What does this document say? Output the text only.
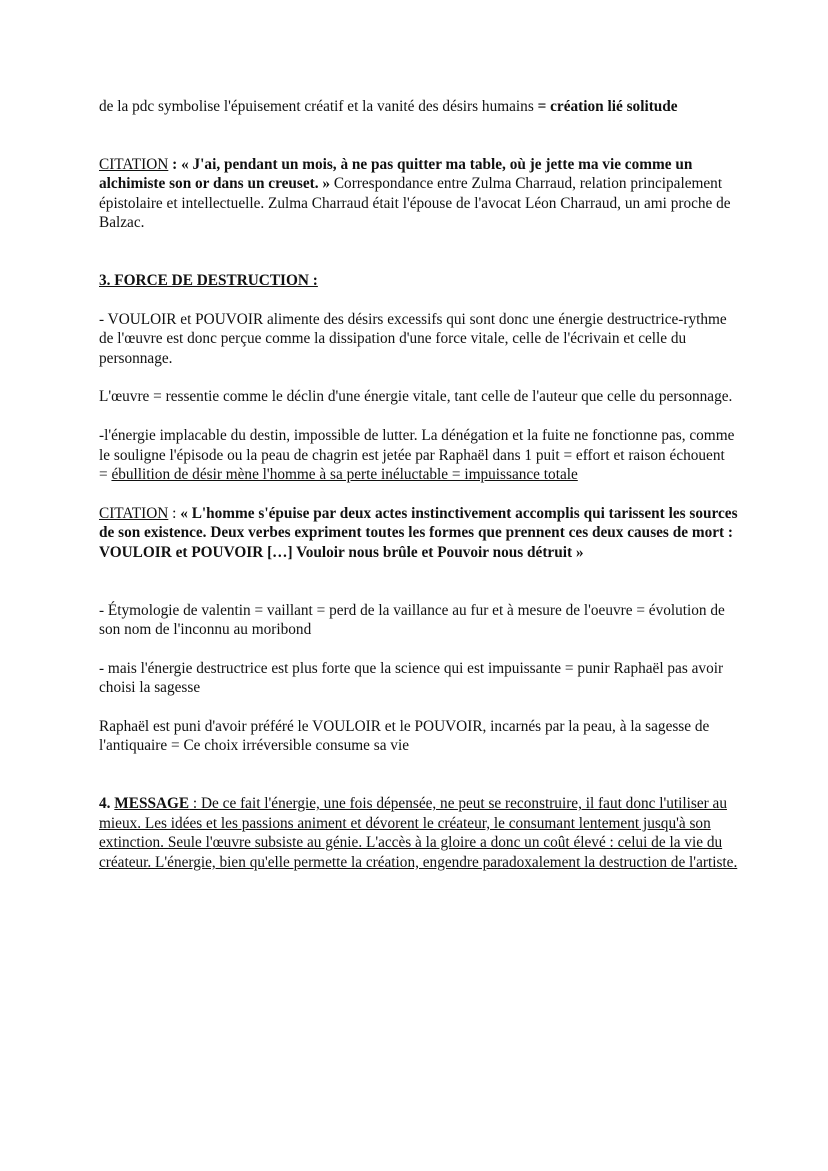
de la pdc symbolise l'épuisement créatif et la vanité des désirs humains = création lié solitude

CITATION : « J'ai, pendant un mois, à ne pas quitter ma table, où je jette ma vie comme un alchimiste son or dans un creuset. » Correspondance entre Zulma Charraud, relation principalement épistolaire et intellectuelle. Zulma Charraud était l'épouse de l'avocat Léon Charraud, un ami proche de Balzac.

3. FORCE DE DESTRUCTION :

- VOULOIR et POUVOIR alimente des désirs excessifs qui sont donc une énergie destructrice-rythme de l'œuvre est donc perçue comme la dissipation d'une force vitale, celle de l'écrivain et celle du personnage.

L'œuvre = ressentie comme le déclin d'une énergie vitale, tant celle de l'auteur que celle du personnage.

-l'énergie implacable du destin, impossible de lutter. La dénégation et la fuite ne fonctionne pas, comme le souligne l'épisode ou la peau de chagrin est jetée par Raphaël dans 1 puit = effort et raison échouent
= ébullition de désir mène l'homme à sa perte inéluctable = impuissance totale

CITATION : « L'homme s'épuise par deux actes instinctivement accomplis qui tarissent les sources de son existence. Deux verbes expriment toutes les formes que prennent ces deux causes de mort : VOULOIR et POUVOIR […] Vouloir nous brûle et Pouvoir nous détruit »

- Étymologie de valentin = vaillant = perd de la vaillance au fur et à mesure de l'oeuvre = évolution de son nom de l'inconnu au moribond

- mais l'énergie destructrice est plus forte que la science qui est impuissante = punir Raphaël pas avoir choisi la sagesse

Raphaël est puni d'avoir préféré le VOULOIR et le POUVOIR, incarnés par la peau, à la sagesse de l'antiquaire = Ce choix irréversible consume sa vie

4. MESSAGE : De ce fait l'énergie, une fois dépensée, ne peut se reconstruire, il faut donc l'utiliser au mieux. Les idées et les passions animent et dévorent le créateur, le consumant lentement jusqu'à son extinction. Seule l'œuvre subsiste au génie. L'accès à la gloire a donc un coût élevé : celui de la vie du créateur. L'énergie, bien qu'elle permette la création, engendre paradoxalement la destruction de l'artiste.
